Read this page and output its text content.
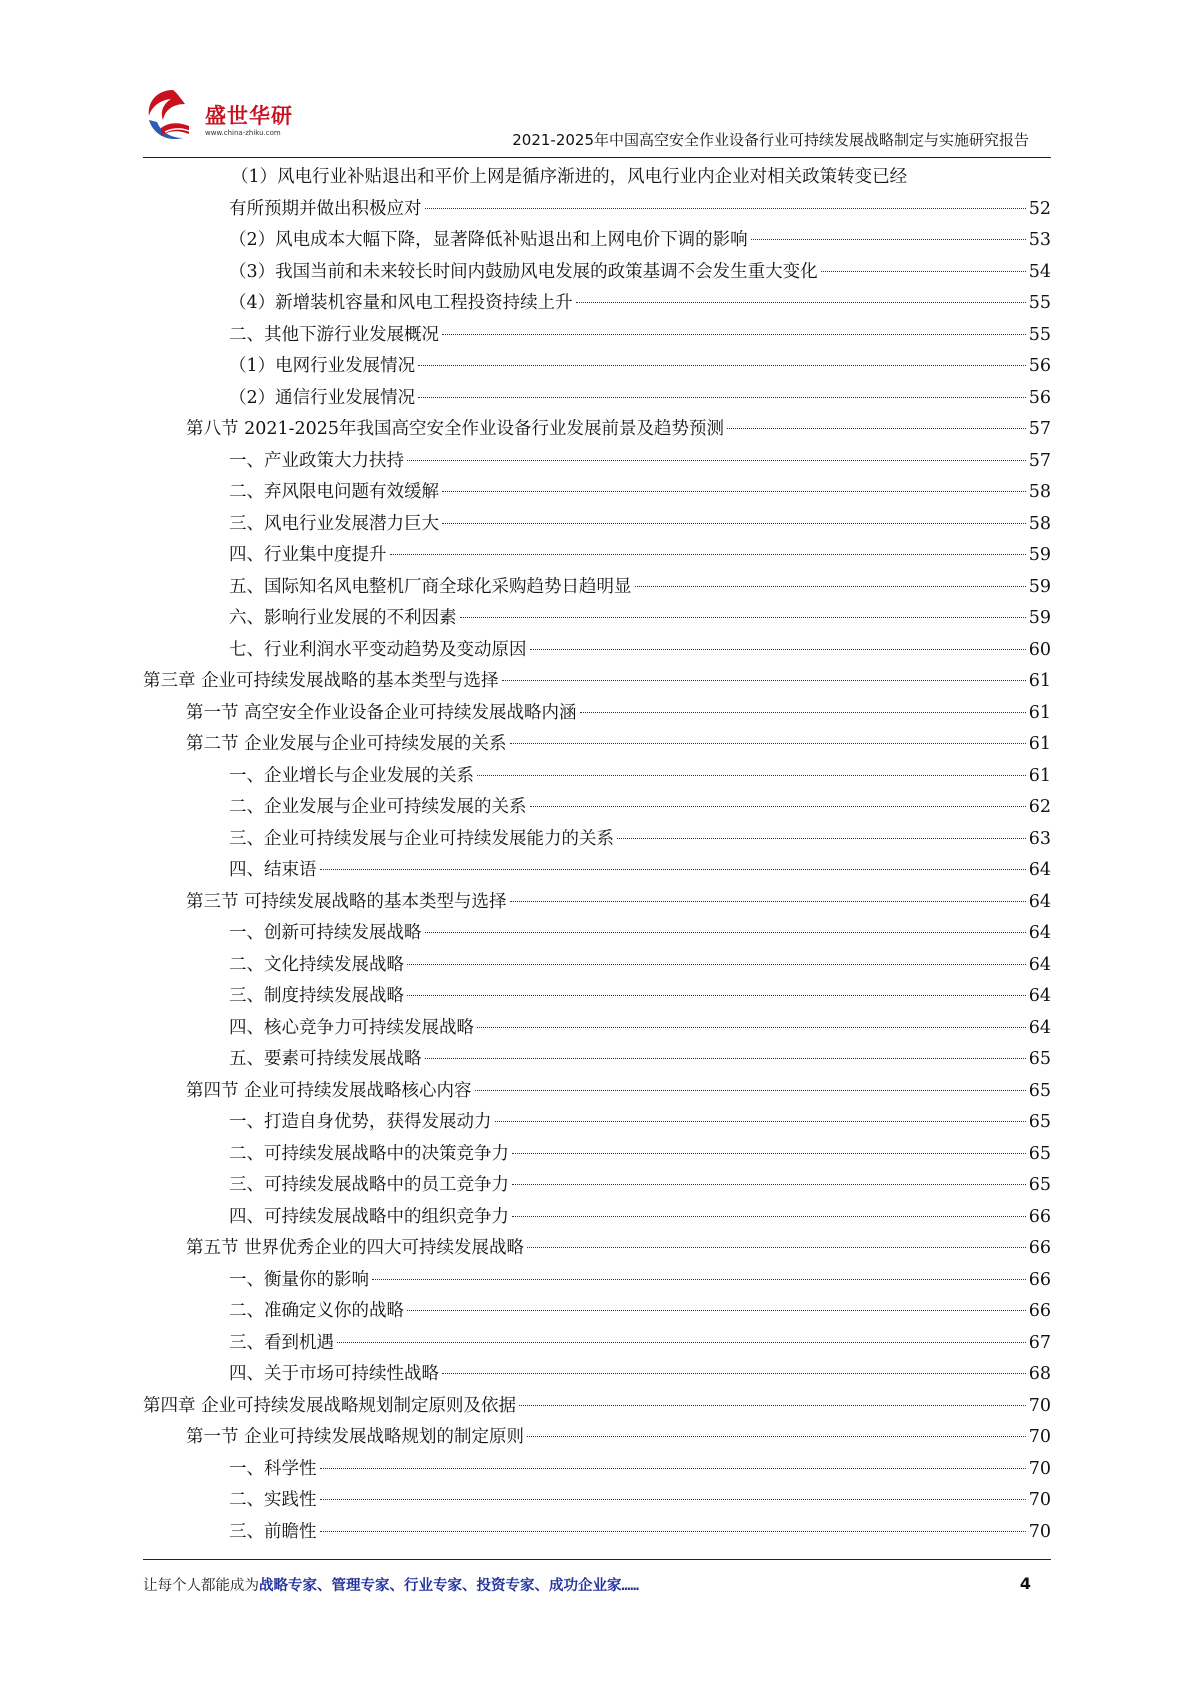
盛世华研
www.china-zhiku.com	2021-2025年中国高空安全作业设备行业可持续发展战略制定与实施研究报告
（1）风电行业补贴退出和平价上网是循序渐进的，风电行业内企业对相关政策转变已经
有所预期并做出积极应对	52
（2）风电成本大幅下降，显著降低补贴退出和上网电价下调的影响	53
（3）我国当前和未来较长时间内鼓励风电发展的政策基调不会发生重大变化	54
（4）新增装机容量和风电工程投资持续上升	55
二、其他下游行业发展概况	55
（1）电网行业发展情况	56
（2）通信行业发展情况	56
第八节 2021-2025年我国高空安全作业设备行业发展前景及趋势预测	57
一、产业政策大力扶持	57
二、弃风限电问题有效缓解	58
三、风电行业发展潜力巨大	58
四、行业集中度提升	59
五、国际知名风电整机厂商全球化采购趋势日趋明显	59
六、影响行业发展的不利因素	59
七、行业利润水平变动趋势及变动原因	60
第三章 企业可持续发展战略的基本类型与选择	61
第一节 高空安全作业设备企业可持续发展战略内涵	61
第二节 企业发展与企业可持续发展的关系	61
一、企业增长与企业发展的关系	61
二、企业发展与企业可持续发展的关系	62
三、企业可持续发展与企业可持续发展能力的关系	63
四、结束语	64
第三节 可持续发展战略的基本类型与选择	64
一、创新可持续发展战略	64
二、文化持续发展战略	64
三、制度持续发展战略	64
四、核心竞争力可持续发展战略	64
五、要素可持续发展战略	65
第四节 企业可持续发展战略核心内容	65
一、打造自身优势，获得发展动力	65
二、可持续发展战略中的决策竞争力	65
三、可持续发展战略中的员工竞争力	65
四、可持续发展战略中的组织竞争力	66
第五节 世界优秀企业的四大可持续发展战略	66
一、衡量你的影响	66
二、准确定义你的战略	66
三、看到机遇	67
四、关于市场可持续性战略	68
第四章 企业可持续发展战略规划制定原则及依据	70
第一节 企业可持续发展战略规划的制定原则	70
一、科学性	70
二、实践性	70
三、前瞻性	70
让每个人都能成为战略专家、管理专家、行业专家、投资专家、成功企业家……	4
